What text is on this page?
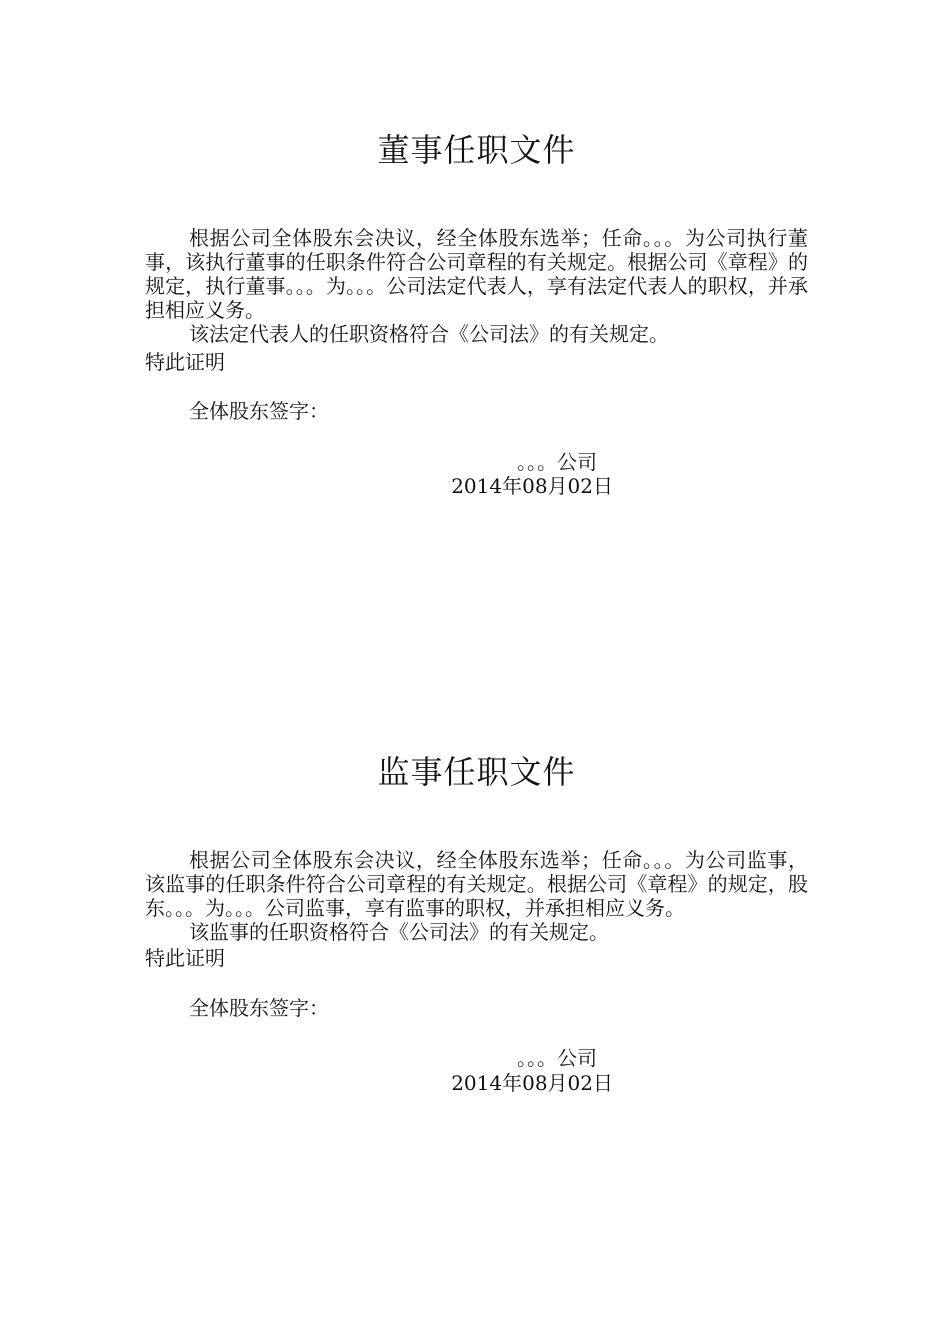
董事任职文件

根据公司全体股东会决议，经全体股东选举；任命。。。为公司执行董事，该执行董事的任职条件符合公司章程的有关规定。根据公司《章程》的规定，执行董事。。。为。。。公司法定代表人，享有法定代表人的职权，并承担相应义务。

该法定代表人的任职资格符合《公司法》的有关规定。

特此证明
全体股东签字：
。。。公司
2014年08月02日
监事任职文件

根据公司全体股东会决议，经全体股东选举；任命。。。为公司监事，该监事的任职条件符合公司章程的有关规定。根据公司《章程》的规定，股东。。。为。。。公司监事，享有监事的职权，并承担相应义务。

该监事的任职资格符合《公司法》的有关规定。

特此证明
全体股东签字：
。。。公司
2014年08月02日
